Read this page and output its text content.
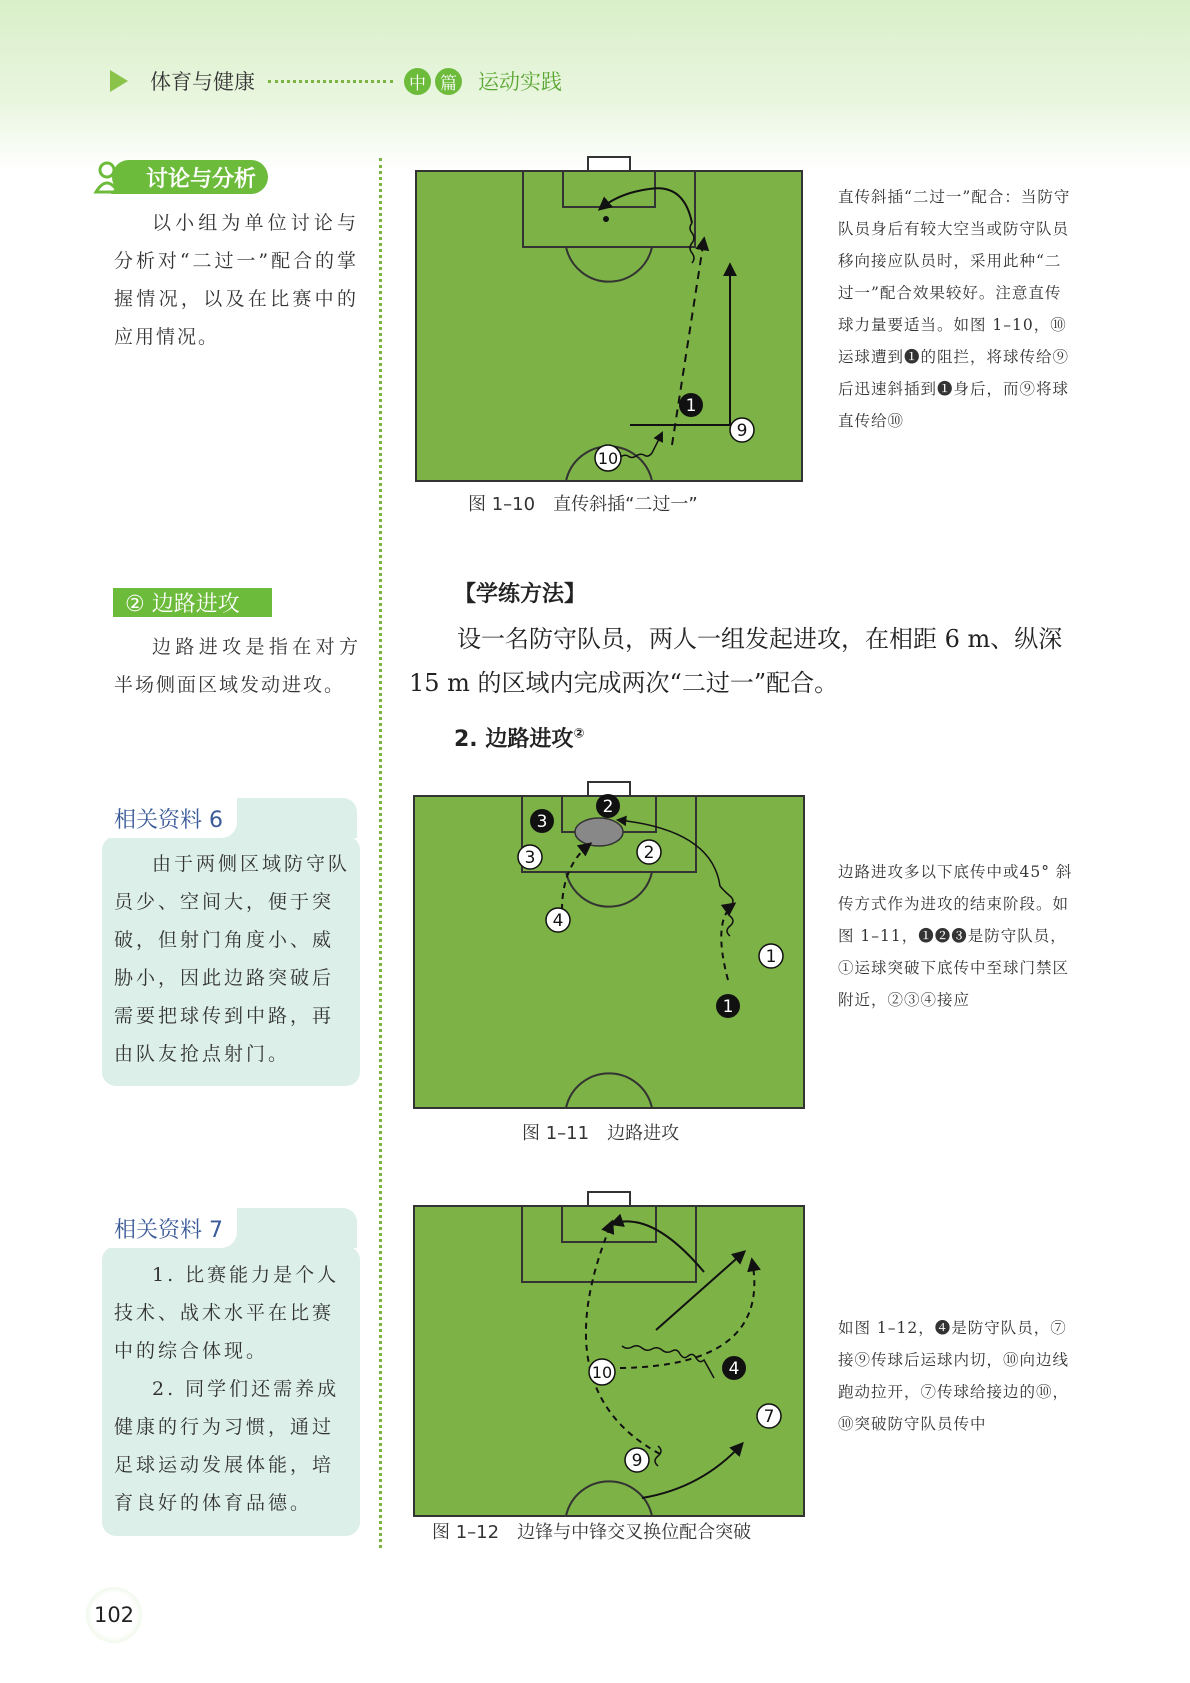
体育与健康	中 篇 运动实践
讨论与分析

以小组为单位讨论与分析对“二过一”配合的掌握情况，以及在比赛中的应用情况。

② 边路进攻

边路进攻是指在对方半场侧面区域发动进攻。

相关资料 6

由于两侧区域防守队员少、空间大，便于突破，但射门角度小、威胁小，因此边路突破后需要把球传到中路，再由队友抢点射门。

相关资料 7

1. 比赛能力是个人技术、战术水平在比赛中的综合体现。

2. 同学们还需养成健康的行为习惯，通过足球运动发展体能，培育良好的体育品德。

1
9
10
图 1–10　直传斜插“二过一”

直传斜插“二过一”配合：当防守队员身后有较大空当或防守队员移向接应队员时，采用此种“二过一”配合效果较好。注意直传球力量要适当。如图 1–10，⑩运球遭到❶的阻拦，将球传给⑨后迅速斜插到❶身后，而⑨将球直传给⑩

【学练方法】

设一名防守队员，两人一组发起进攻，在相距 6 m、纵深 15 m 的区域内完成两次“二过一”配合。

2. 边路进攻②
2
3
3	2
4
1
1
图 1–11　边路进攻

边路进攻多以下底传中或45° 斜传方式作为进攻的结束阶段。如图 1–11，❶❷❸是防守队员，①运球突破下底传中至球门禁区附近，②③④接应

10	4
7
9
图 1–12　边锋与中锋交叉换位配合突破

如图 1–12，❹是防守队员，⑦接⑨传球后运球内切，⑩向边线跑动拉开，⑦传球给接边的⑩，⑩突破防守队员传中

102
